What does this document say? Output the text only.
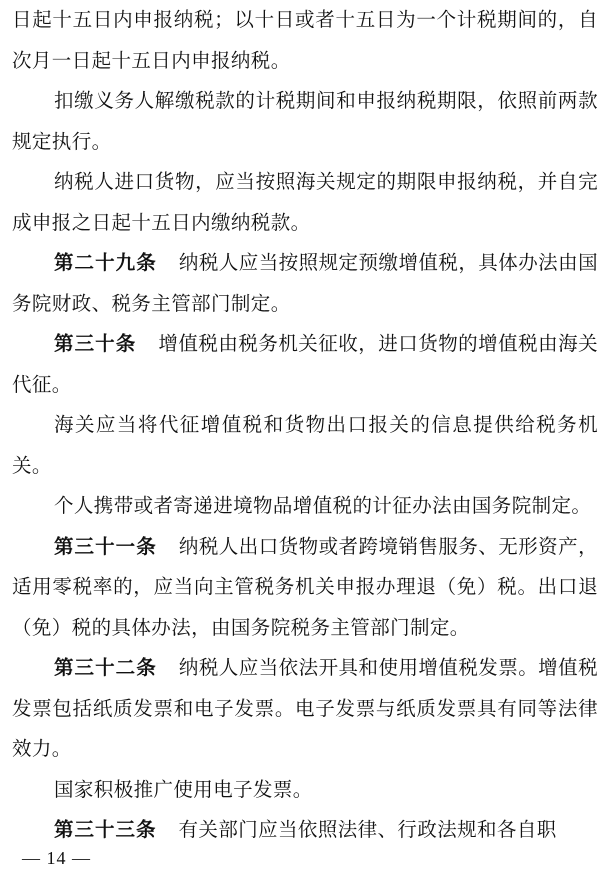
日起十五日内申报纳税；以十日或者十五日为一个计税期间的，自次月一日起十五日内申报纳税。

扣缴义务人解缴税款的计税期间和申报纳税期限，依照前两款规定执行。

纳税人进口货物，应当按照海关规定的期限申报纳税，并自完成申报之日起十五日内缴纳税款。

第二十九条 纳税人应当按照规定预缴增值税，具体办法由国务院财政、税务主管部门制定。

第三十条 增值税由税务机关征收，进口货物的增值税由海关代征。

海关应当将代征增值税和货物出口报关的信息提供给税务机关。

个人携带或者寄递进境物品增值税的计征办法由国务院制定。

第三十一条 纳税人出口货物或者跨境销售服务、无形资产，适用零税率的，应当向主管税务机关申报办理退（免）税。出口退（免）税的具体办法，由国务院税务主管部门制定。

第三十二条 纳税人应当依法开具和使用增值税发票。增值税发票包括纸质发票和电子发票。电子发票与纸质发票具有同等法律效力。

国家积极推广使用电子发票。

第三十三条 有关部门应当依照法律、行政法规和各自职

— 14 —
